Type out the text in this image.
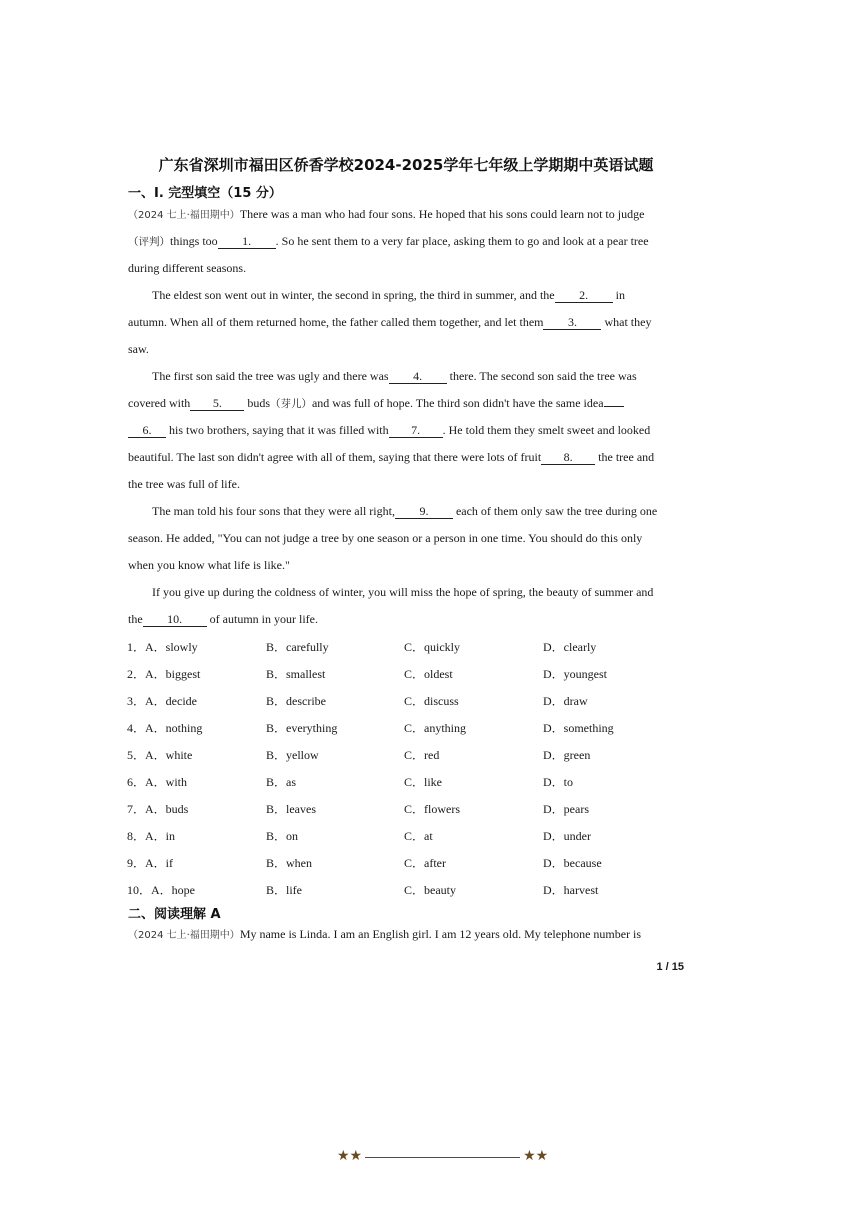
广东省深圳市福田区侨香学校2024-2025学年七年级上学期期中英语试题
一、I. 完型填空（15 分）
（2024 七上·福田期中）There was a man who had four sons. He hoped that his sons could learn not to judge
（评判）things too 1. . So he sent them to a very far place, asking them to go and look at a pear tree
during different seasons.
The eldest son went out in winter, the second in spring, the third in summer, and the 2. in
autumn. When all of them returned home, the father called them together, and let them 3. what they
saw.
The first son said the tree was ugly and there was 4. there. The second son said the tree was
covered with 5. buds（芽儿）and was full of hope. The third son didn't have the same idea
6. his two brothers, saying that it was filled with 7. . He told them they smelt sweet and looked
beautiful. The last son didn't agree with all of them, saying that there were lots of fruit 8. the tree and
the tree was full of life.
The man told his four sons that they were all right, 9. each of them only saw the tree during one
season. He added, "You can not judge a tree by one season or a person in one time. You should do this only
when you know what life is like."
If you give up during the coldness of winter, you will miss the hope of spring, the beauty of summer and
the 10. of autumn in your life.
1．A．slowly	B．carefully	C．quickly	D．clearly
2．A．biggest	B．smallest	C．oldest	D．youngest
3．A．decide	B．describe	C．discuss	D．draw
4．A．nothing	B．everything	C．anything	D．something
5．A．white	B．yellow	C．red	D．green
6．A．with	B．as	C．like	D．to
7．A．buds	B．leaves	C．flowers	D．pears
8．A．in	B．on	C．at	D．under
9．A．if	B．when	C．after	D．because
10．A．hope	B．life	C．beauty	D．harvest
二、阅读理解 A
（2024 七上·福田期中）My name is Linda. I am an English girl. I am 12 years old. My telephone number is
1 / 15
★★	★★
